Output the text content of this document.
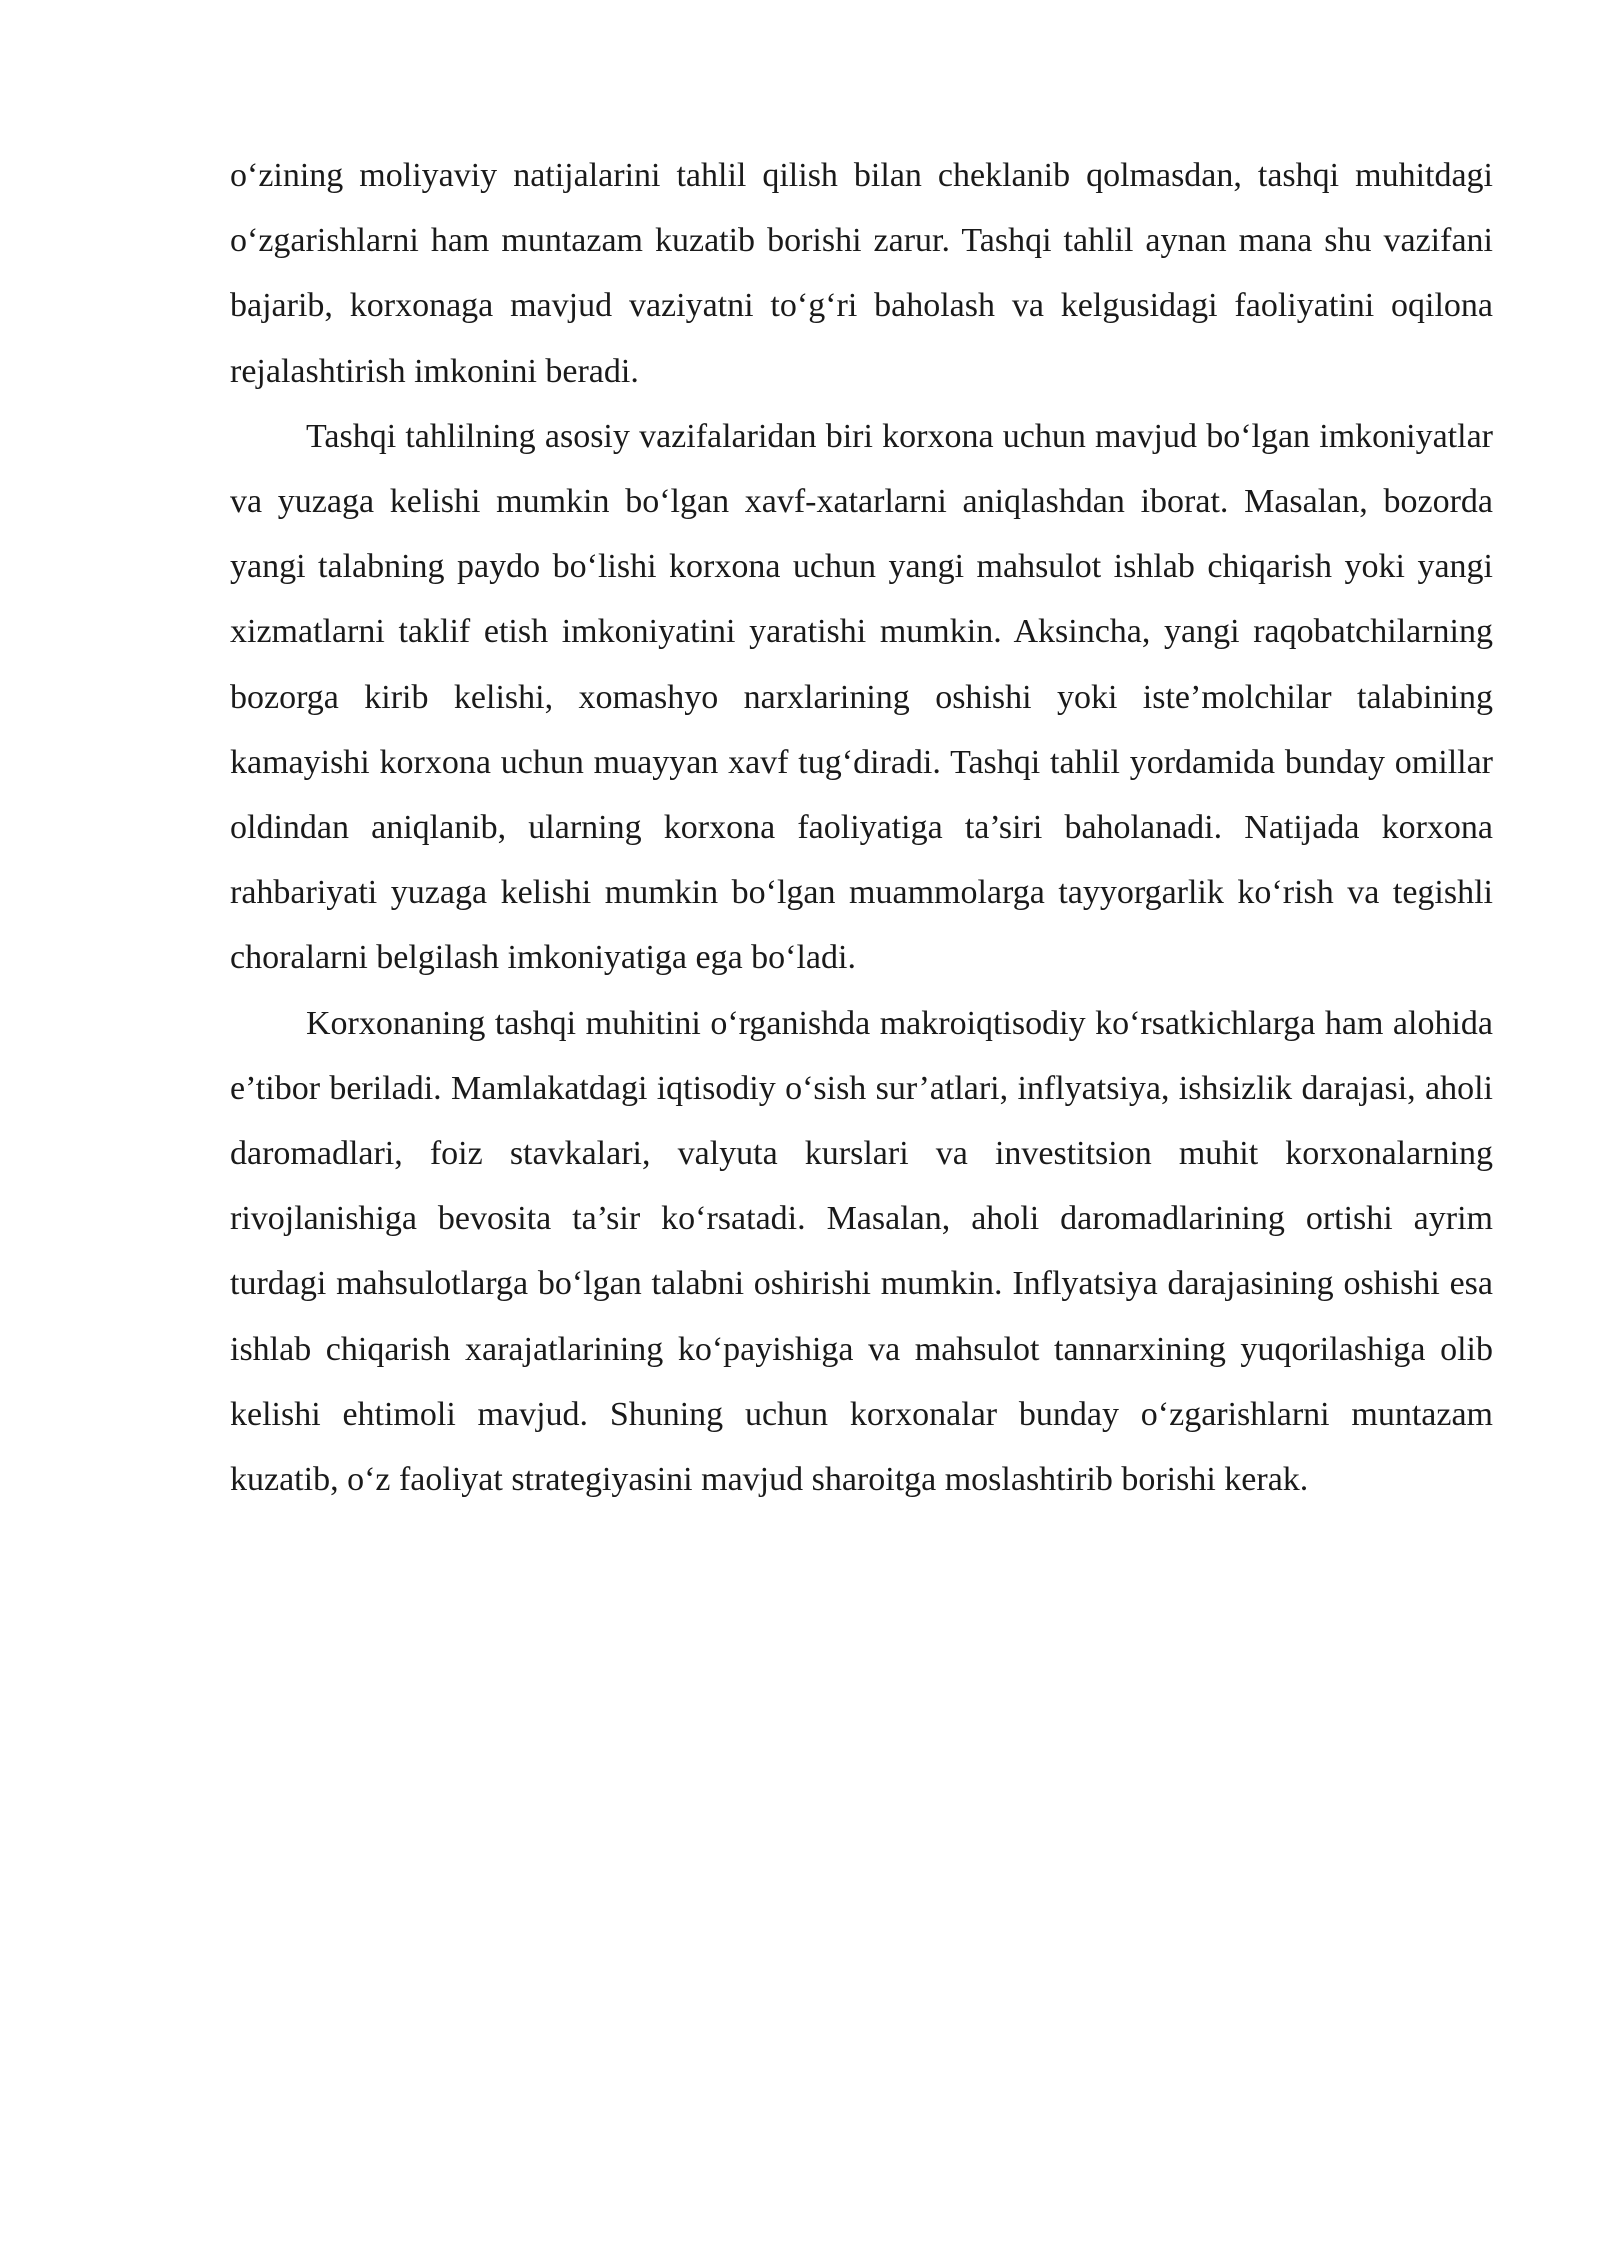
o‘zining moliyaviy natijalarini tahlil qilish bilan cheklanib qolmasdan, tashqi muhitdagi o‘zgarishlarni ham muntazam kuzatib borishi zarur. Tashqi tahlil aynan mana shu vazifani bajarib, korxonaga mavjud vaziyatni to‘g‘ri baholash va kelgusidagi faoliyatini oqilona rejalashtirish imkonini beradi.

Tashqi tahlilning asosiy vazifalaridan biri korxona uchun mavjud bo‘lgan imkoniyatlar va yuzaga kelishi mumkin bo‘lgan xavf-xatarlarni aniqlashdan iborat. Masalan, bozorda yangi talabning paydo bo‘lishi korxona uchun yangi mahsulot ishlab chiqarish yoki yangi xizmatlarni taklif etish imkoniyatini yaratishi mumkin. Aksincha, yangi raqobatchilarning bozorga kirib kelishi, xomashyo narxlarining oshishi yoki iste’molchilar talabining kamayishi korxona uchun muayyan xavf tug‘diradi. Tashqi tahlil yordamida bunday omillar oldindan aniqlanib, ularning korxona faoliyatiga ta’siri baholanadi. Natijada korxona rahbariyati yuzaga kelishi mumkin bo‘lgan muammolarga tayyorgarlik ko‘rish va tegishli choralarni belgilash imkoniyatiga ega bo‘ladi.

Korxonaning tashqi muhitini o‘rganishda makroiqtisodiy ko‘rsatkichlarga ham alohida e’tibor beriladi. Mamlakatdagi iqtisodiy o‘sish sur’atlari, inflyatsiya, ishsizlik darajasi, aholi daromadlari, foiz stavkalari, valyuta kurslari va investitsion muhit korxonalarning rivojlanishiga bevosita ta’sir ko‘rsatadi. Masalan, aholi daromadlarining ortishi ayrim turdagi mahsulotlarga bo‘lgan talabni oshirishi mumkin. Inflyatsiya darajasining oshishi esa ishlab chiqarish xarajatlarining ko‘payishiga va mahsulot tannarxining yuqorilashiga olib kelishi ehtimoli mavjud. Shuning uchun korxonalar bunday o‘zgarishlarni muntazam kuzatib, o‘z faoliyat strategiyasini mavjud sharoitga moslashtirib borishi kerak.
